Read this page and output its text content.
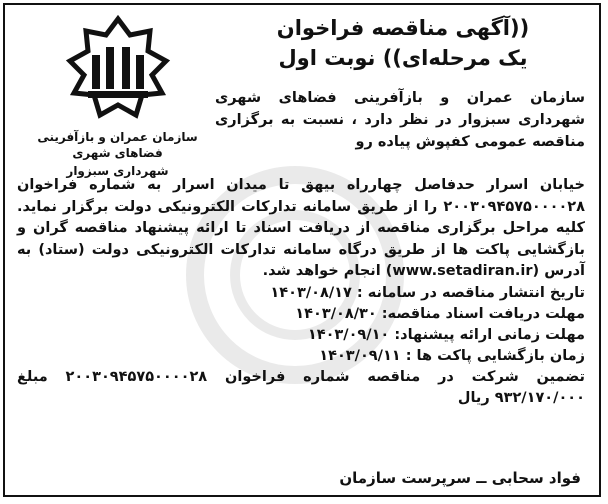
((آگهی مناقصه فراخوان
یک مرحله‌ای)) نوبت اول
سازمان عمران و بازآفرینی فضاهای شهری
شهرداری سبزوار
سازمان عمران و بازآفرینی فضاهای شهری شهرداری سبزوار در نظر دارد ، نسبت به برگزاری مناقصه عمومی کفپوش پیاده رو

خیابان اسرار حدفاصل چهارراه بیهق تا میدان اسرار به شماره فراخوان ۲۰۰۳۰۹۴۵۷۵۰۰۰۰۲۸ را از طریق سامانه تدارکات الکترونیکی دولت برگزار نماید. کلیه مراحل برگزاری مناقصه از دریافت اسناد تا ارائه پیشنهاد مناقصه گران و بازگشایی پاکت ها از طریق درگاه سامانه تدارکات الکترونیکی دولت (ستاد) به آدرس (www.setadiran.ir) انجام خواهد شد.

تاریخ انتشار مناقصه در سامانه : ۱۴۰۳/۰۸/۱۷
مهلت دریافت اسناد مناقصه: ۱۴۰۳/۰۸/۳۰
مهلت زمانی ارائه پیشنهاد: ۱۴۰۳/۰۹/۱۰
زمان بازگشایی پاکت ها : ۱۴۰۳/۰۹/۱۱

تضمین شرکت در مناقصه شماره فراخوان ۲۰۰۳۰۹۴۵۷۵۰۰۰۰۲۸ مبلغ ۹۳۲/۱۷۰/۰۰۰ ریال

فواد سحابی ــ سرپرست سازمان
